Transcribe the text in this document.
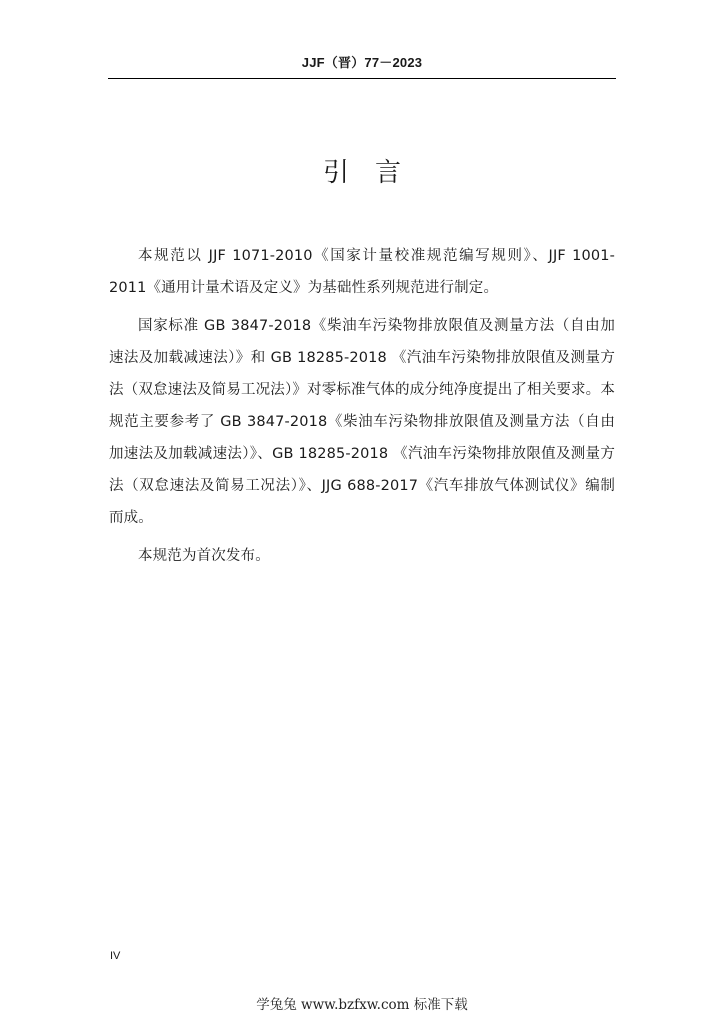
JJF（晋）77－2023
引　言

本规范以 JJF 1071-2010《国家计量校准规范编写规则》、JJF 1001-2011《通用计量术语及定义》为基础性系列规范进行制定。

国家标准 GB 3847-2018《柴油车污染物排放限值及测量方法（自由加速法及加载减速法）》和 GB 18285-2018 《汽油车污染物排放限值及测量方法（双怠速法及简易工况法）》对零标准气体的成分纯净度提出了相关要求。本规范主要参考了 GB 3847-2018《柴油车污染物排放限值及测量方法（自由加速法及加载减速法）》、GB 18285-2018 《汽油车污染物排放限值及测量方法（双怠速法及简易工况法）》、JJG 688-2017《汽车排放气体测试仪》编制而成。

本规范为首次发布。

IV
学兔兔 www.bzfxw.com 标准下载
